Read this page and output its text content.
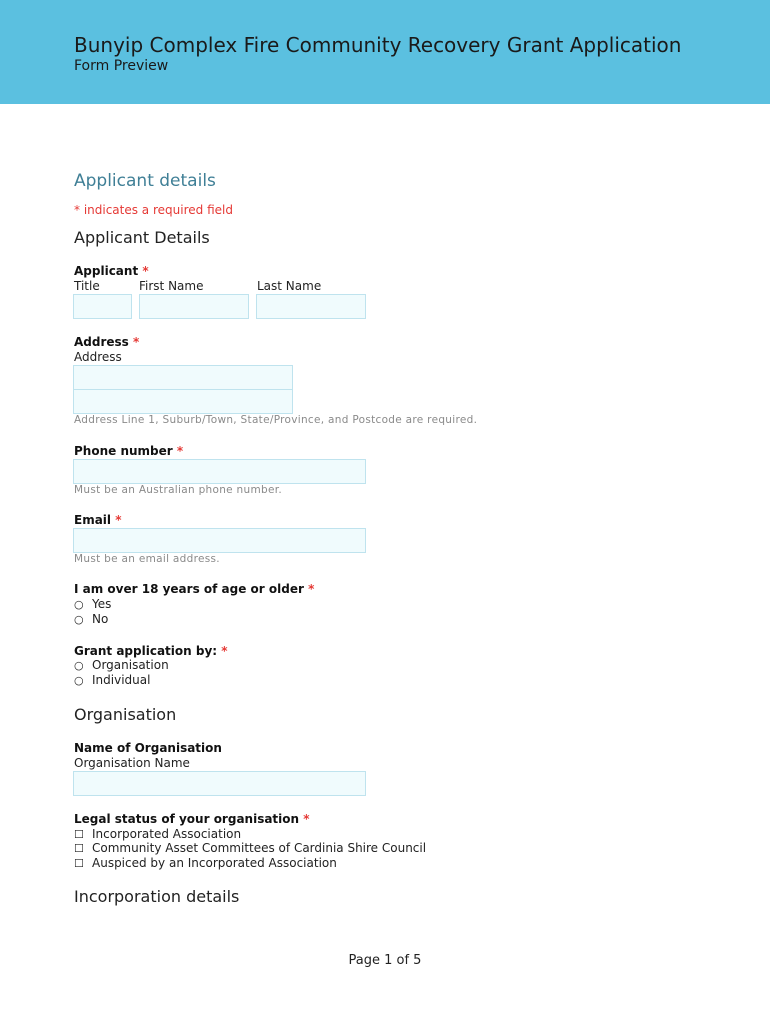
Bunyip Complex Fire Community Recovery Grant Application
Form Preview
Applicant details
* indicates a required field
Applicant Details
Applicant *
Title	First Name	Last Name
Address *
Address
Address Line 1, Suburb/Town, State/Province, and Postcode are required.
Phone number *
Must be an Australian phone number.
Email *
Must be an email address.
I am over 18 years of age or older *
○ Yes
○ No
Grant application by: *
○ Organisation
○ Individual
Organisation
Name of Organisation
Organisation Name
Legal status of your organisation *
☐ Incorporated Association
☐ Community Asset Committees of Cardinia Shire Council
☐ Auspiced by an Incorporated Association
Incorporation details
Page 1 of 5
